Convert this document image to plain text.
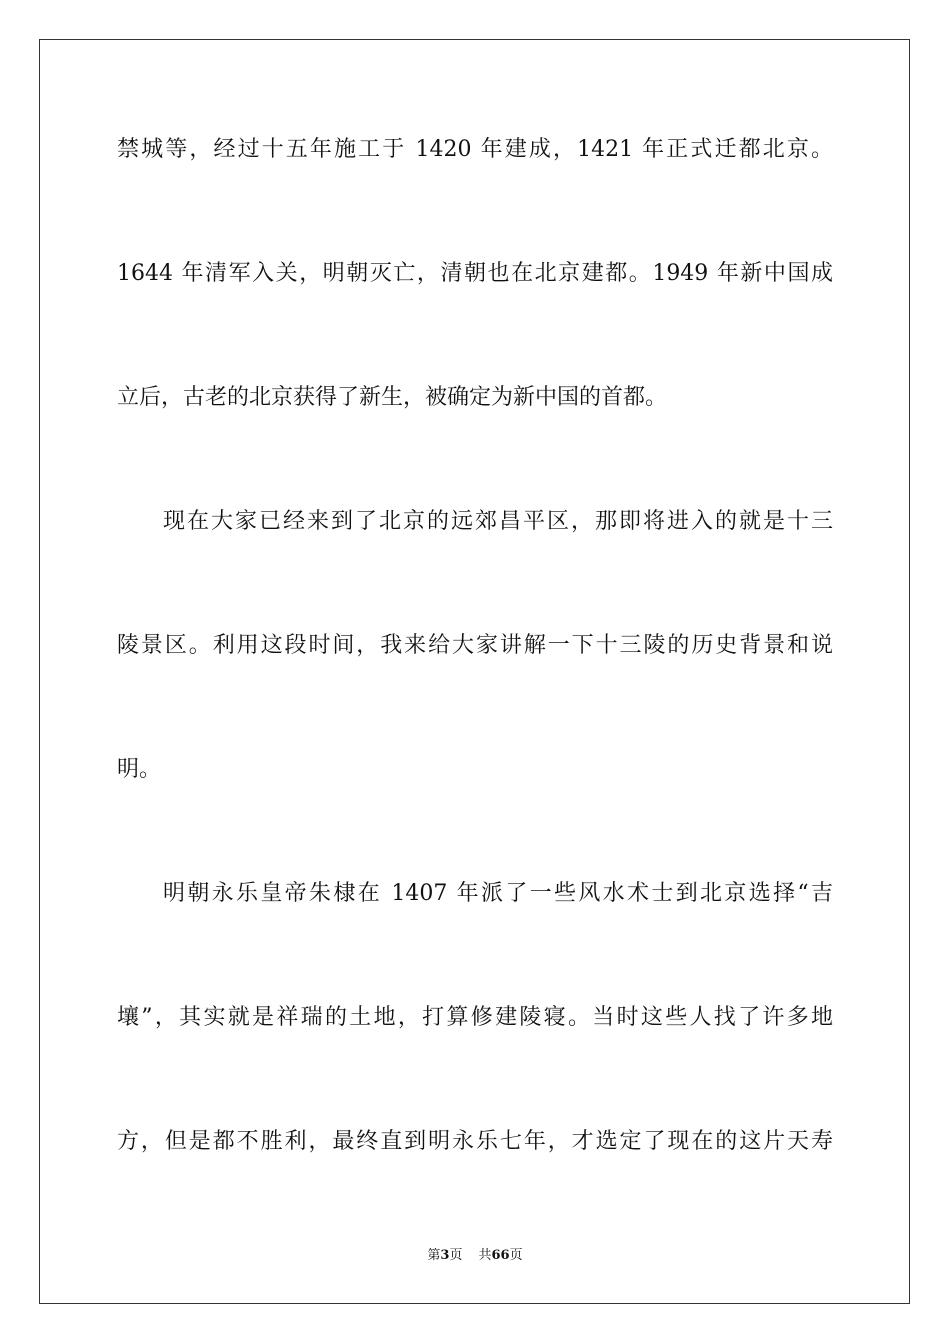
禁城等，经过十五年施工于 1420 年建成，1421 年正式迁都北京。
1644 年清军入关，明朝灭亡，清朝也在北京建都。1949 年新中国成
立后，古老的北京获得了新生，被确定为新中国的首都。
现在大家已经来到了北京的远郊昌平区，那即将进入的就是十三
陵景区。利用这段时间，我来给大家讲解一下十三陵的历史背景和说
明。
明朝永乐皇帝朱棣在 1407 年派了一些风水术士到北京选择“吉
壤”，其实就是祥瑞的土地，打算修建陵寝。当时这些人找了许多地
方，但是都不胜利，最终直到明永乐七年，才选定了现在的这片天寿
第3页 共66页
